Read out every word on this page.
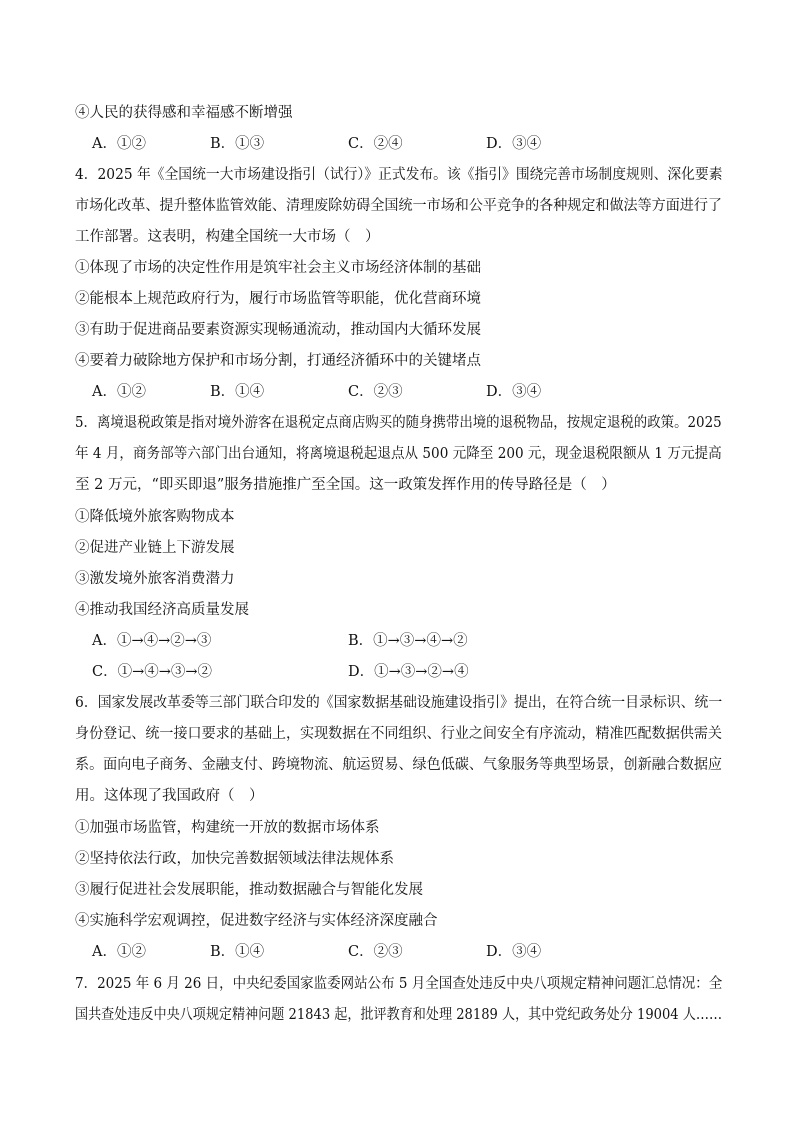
④人民的获得感和幸福感不断增强
A．①②	B．①③	C．②④	D．③④
4．2025 年《全国统一大市场建设指引（试行）》正式发布。该《指引》围绕完善市场制度规则、深化要素
市场化改革、提升整体监管效能、清理废除妨碍全国统一市场和公平竞争的各种规定和做法等方面进行了
工作部署。这表明，构建全国统一大市场（　）
①体现了市场的决定性作用是筑牢社会主义市场经济体制的基础
②能根本上规范政府行为，履行市场监管等职能，优化营商环境
③有助于促进商品要素资源实现畅通流动，推动国内大循环发展
④要着力破除地方保护和市场分割，打通经济循环中的关键堵点
A．①②	B．①④	C．②③	D．③④
5．离境退税政策是指对境外游客在退税定点商店购买的随身携带出境的退税物品，按规定退税的政策。2025
年 4 月，商务部等六部门出台通知，将离境退税起退点从 500 元降至 200 元，现金退税限额从 1 万元提高
至 2 万元，“即买即退”服务措施推广至全国。这一政策发挥作用的传导路径是（　）
①降低境外旅客购物成本
②促进产业链上下游发展
③激发境外旅客消费潜力
④推动我国经济高质量发展
A．①→④→②→③	B．①→③→④→②
C．①→④→③→②	D．①→③→②→④
6．国家发展改革委等三部门联合印发的《国家数据基础设施建设指引》提出，在符合统一目录标识、统一
身份登记、统一接口要求的基础上，实现数据在不同组织、行业之间安全有序流动，精准匹配数据供需关
系。面向电子商务、金融支付、跨境物流、航运贸易、绿色低碳、气象服务等典型场景，创新融合数据应
用。这体现了我国政府（　）
①加强市场监管，构建统一开放的数据市场体系
②坚持依法行政，加快完善数据领域法律法规体系
③履行促进社会发展职能，推动数据融合与智能化发展
④实施科学宏观调控，促进数字经济与实体经济深度融合
A．①②	B．①④	C．②③	D．③④
7．2025 年 6 月 26 日，中央纪委国家监委网站公布 5 月全国查处违反中央八项规定精神问题汇总情况：全
国共查处违反中央八项规定精神问题 21843 起，批评教育和处理 28189 人，其中党纪政务处分 19004 人……
